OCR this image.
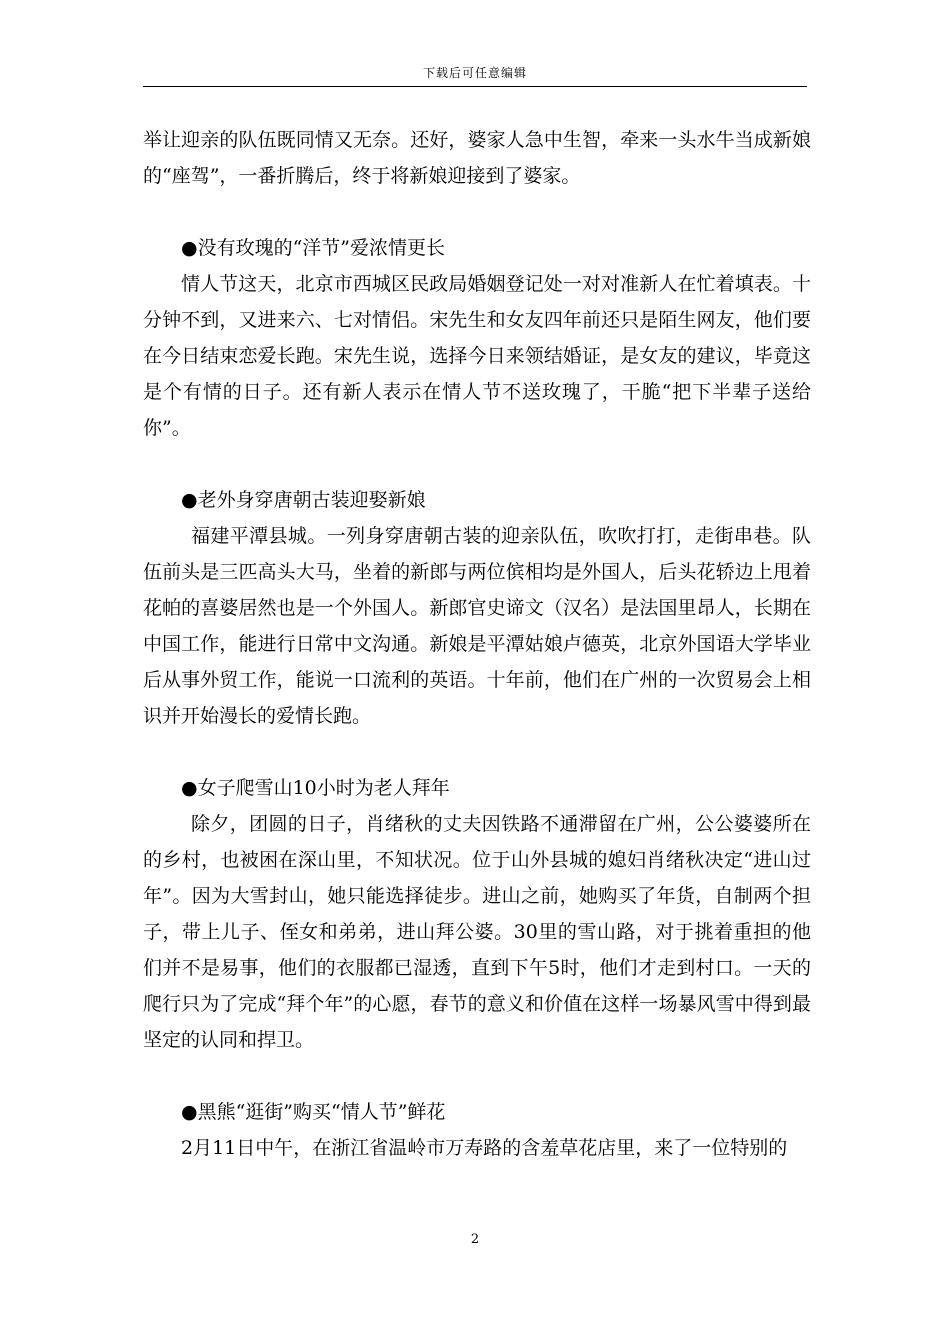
下载后可任意编辑

举让迎亲的队伍既同情又无奈。还好，婆家人急中生智，牵来一头水牛当成新娘的“座驾”，一番折腾后，终于将新娘迎接到了婆家。

●没有玫瑰的“洋节”爱浓情更长

情人节这天，北京市西城区民政局婚姻登记处一对对准新人在忙着填表。十分钟不到，又进来六、七对情侣。宋先生和女友四年前还只是陌生网友，他们要在今日结束恋爱长跑。宋先生说，选择今日来领结婚证，是女友的建议，毕竟这是个有情的日子。还有新人表示在情人节不送玫瑰了，干脆“把下半辈子送给你”。

●老外身穿唐朝古装迎娶新娘

福建平潭县城。一列身穿唐朝古装的迎亲队伍，吹吹打打，走街串巷。队伍前头是三匹高头大马，坐着的新郎与两位傧相均是外国人，后头花轿边上甩着花帕的喜婆居然也是一个外国人。新郎官史谛文（汉名）是法国里昂人，长期在中国工作，能进行日常中文沟通。新娘是平潭姑娘卢德英，北京外国语大学毕业后从事外贸工作，能说一口流利的英语。十年前，他们在广州的一次贸易会上相识并开始漫长的爱情长跑。

●女子爬雪山10小时为老人拜年

除夕，团圆的日子，肖绪秋的丈夫因铁路不通滞留在广州，公公婆婆所在的乡村，也被困在深山里，不知状况。位于山外县城的媳妇肖绪秋决定“进山过年”。因为大雪封山，她只能选择徒步。进山之前，她购买了年货，自制两个担子，带上儿子、侄女和弟弟，进山拜公婆。30里的雪山路，对于挑着重担的他们并不是易事，他们的衣服都已湿透，直到下午5时，他们才走到村口。一天的爬行只为了完成“拜个年”的心愿，春节的意义和价值在这样一场暴风雪中得到最坚定的认同和捍卫。

●黑熊“逛街”购买“情人节”鲜花

2月11日中午，在浙江省温岭市万寿路的含羞草花店里，来了一位特别的

2
